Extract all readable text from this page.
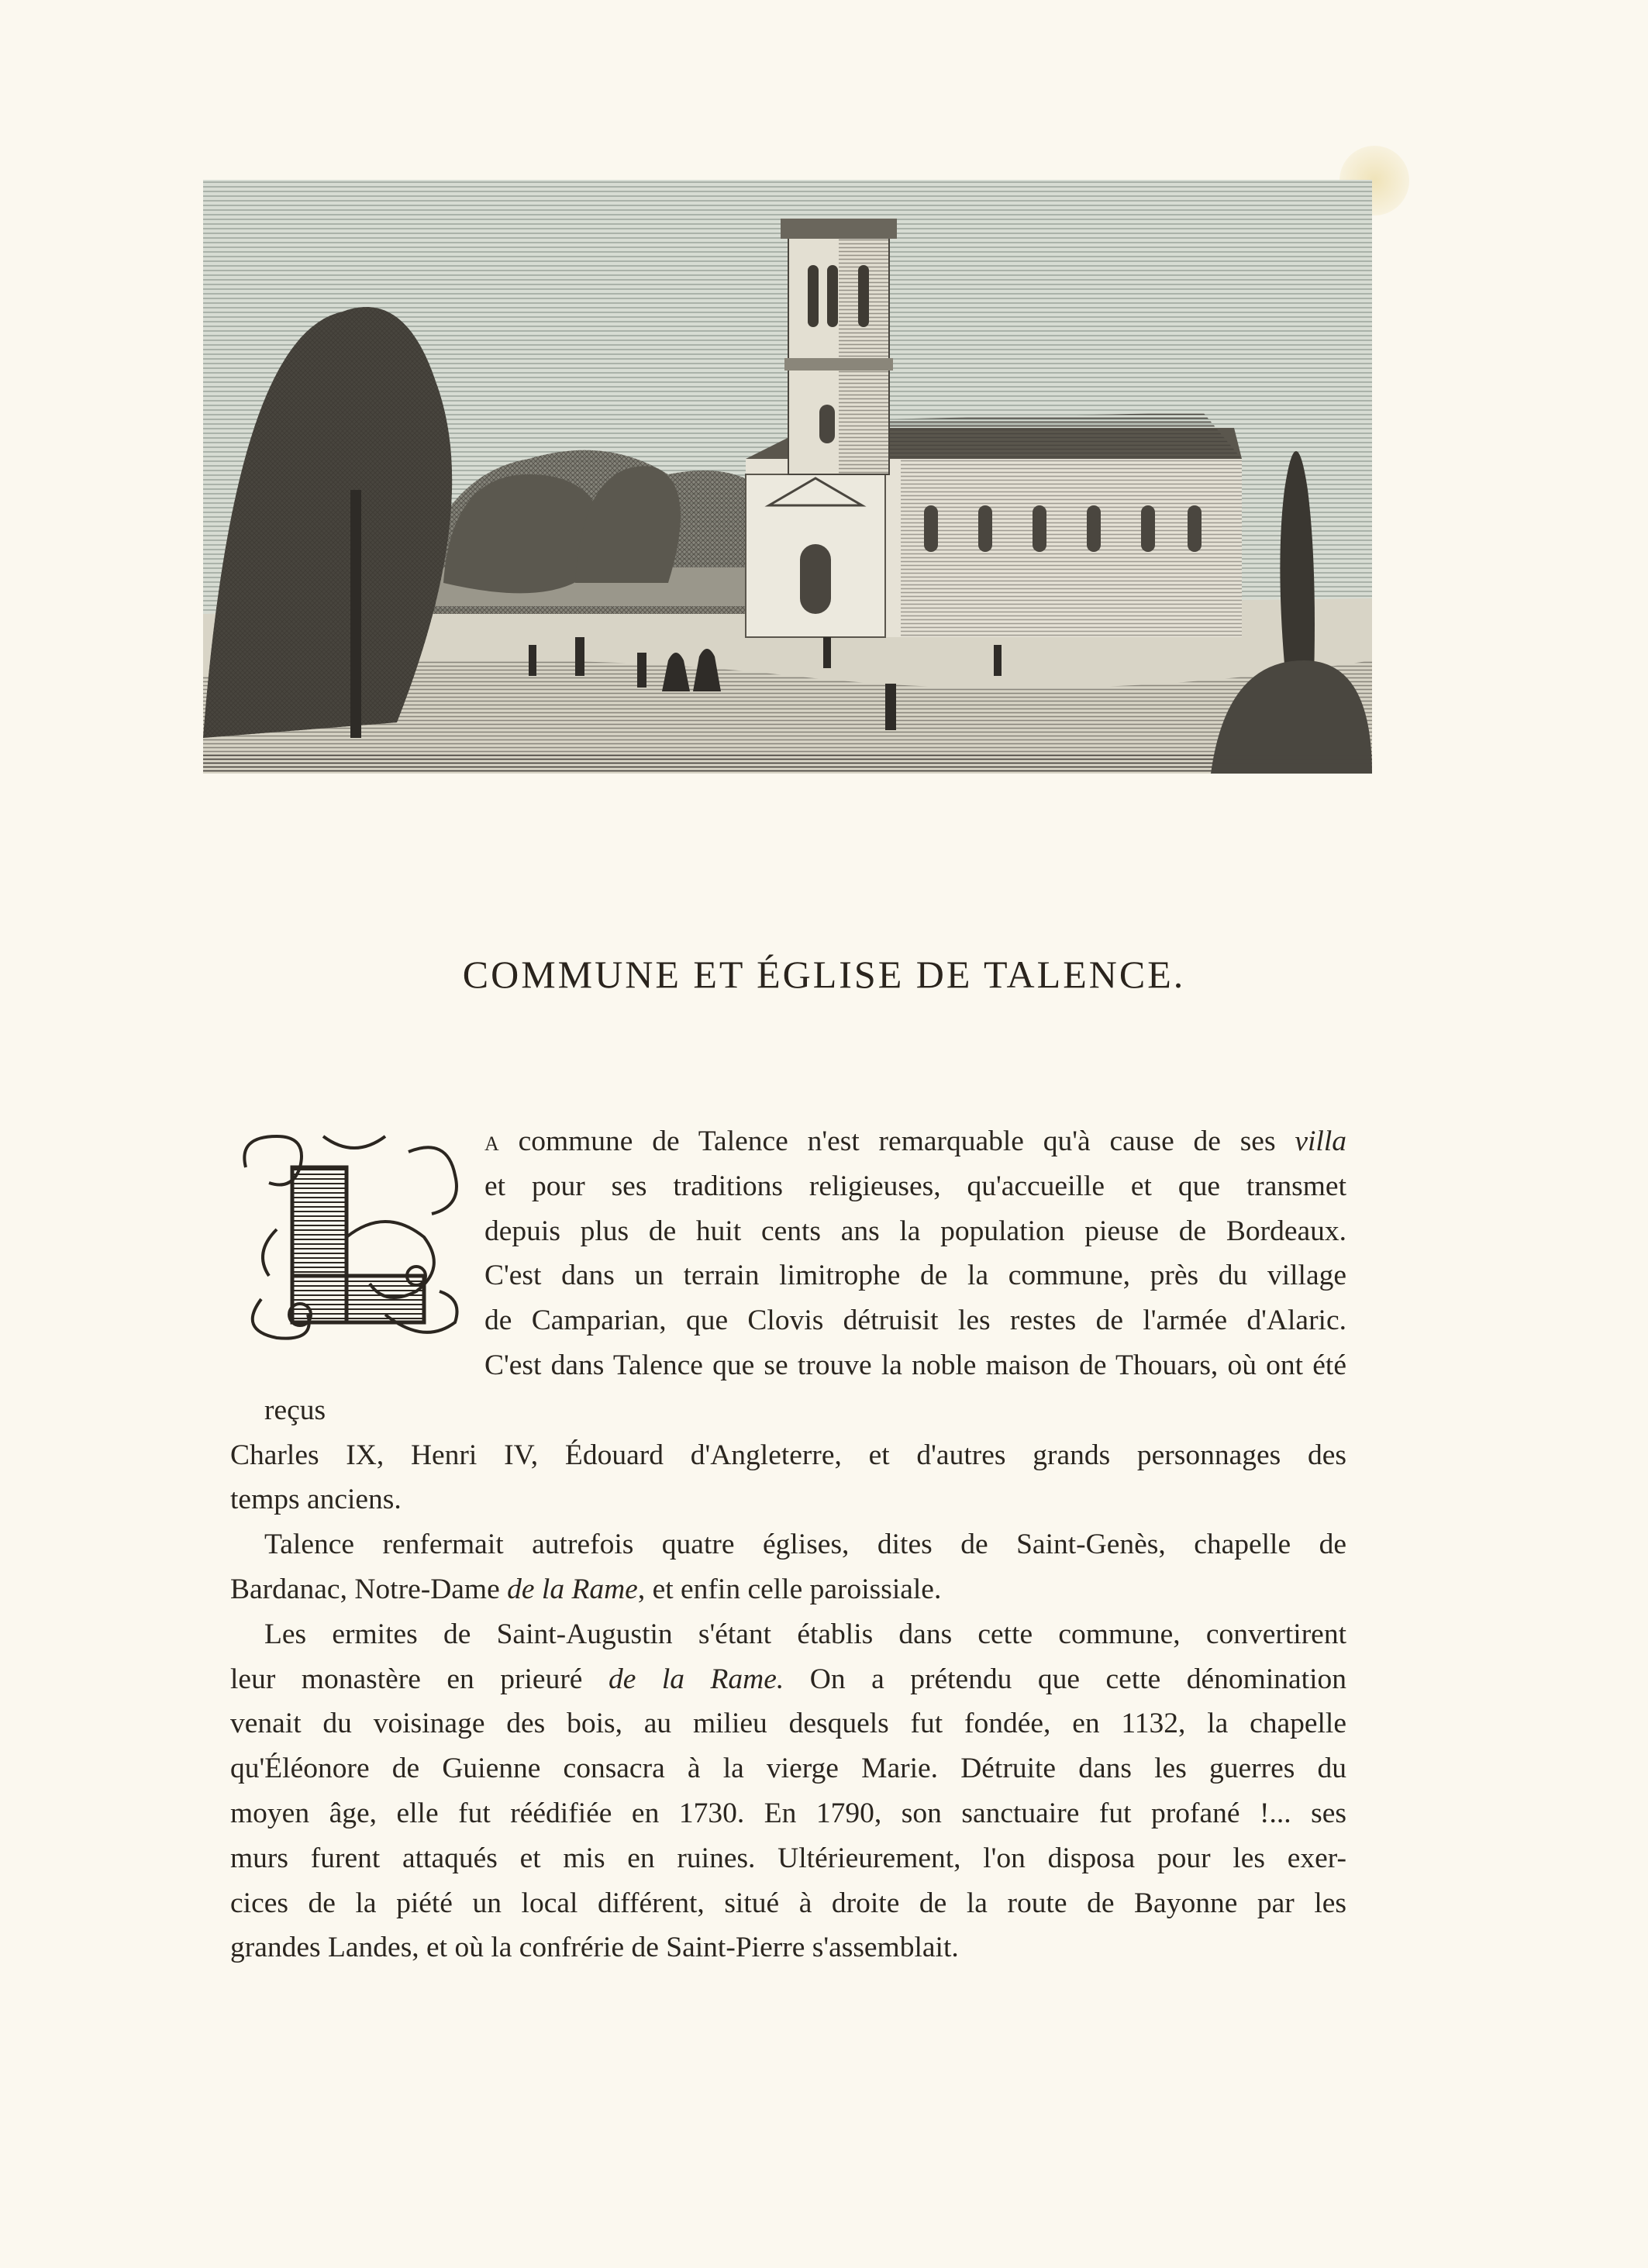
COMMUNE ET ÉGLISE DE TALENCE.
L
a commune de Talence n'est remarquable qu'à cause de ses villa
et pour ses traditions religieuses, qu'accueille et que transmet
depuis plus de huit cents ans la population pieuse de Bordeaux.
C'est dans un terrain limitrophe de la commune, près du village
de Camparian, que Clovis détruisit les restes de l'armée d'Alaric.
C'est dans Talence que se trouve la noble maison de Thouars, où ont été reçus
Charles IX, Henri IV, Édouard d'Angleterre, et d'autres grands personnages des
temps anciens.
Talence renfermait autrefois quatre églises, dites de Saint-Genès, chapelle de
Bardanac, Notre-Dame de la Rame, et enfin celle paroissiale.
Les ermites de Saint-Augustin s'étant établis dans cette commune, convertirent
leur monastère en prieuré de la Rame. On a prétendu que cette dénomination
venait du voisinage des bois, au milieu desquels fut fondée, en 1132, la chapelle
qu'Éléonore de Guienne consacra à la vierge Marie. Détruite dans les guerres du
moyen âge, elle fut réédifiée en 1730. En 1790, son sanctuaire fut profané !... ses
murs furent attaqués et mis en ruines. Ultérieurement, l'on disposa pour les exer-
cices de la piété un local différent, situé à droite de la route de Bayonne par les
grandes Landes, et où la confrérie de Saint-Pierre s'assemblait.
